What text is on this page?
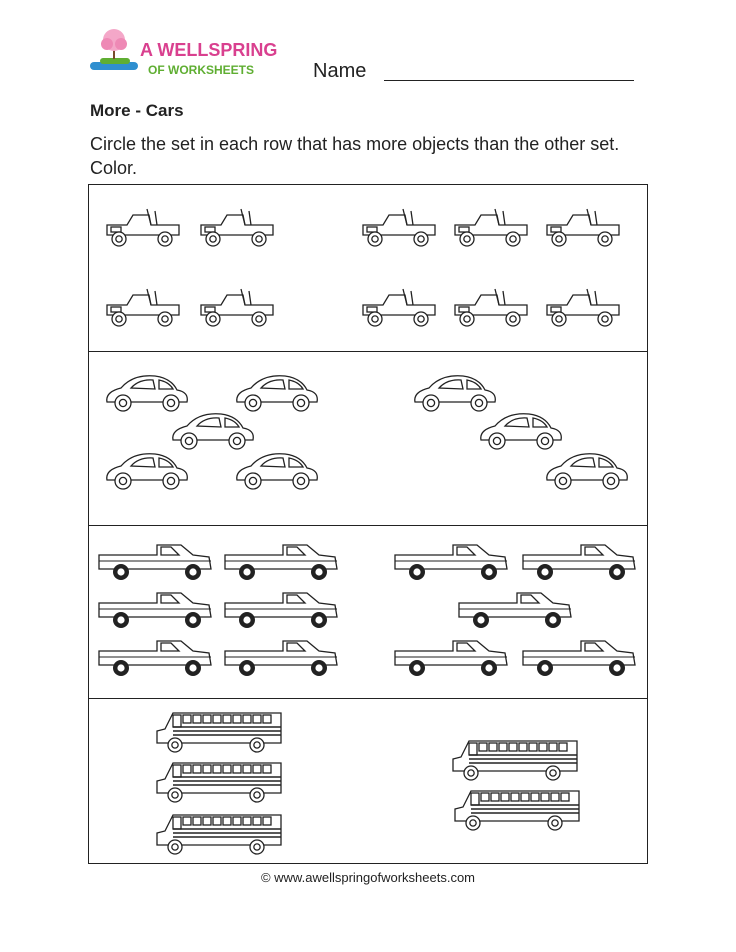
A WELLSPRING
OF WORKSHEETS	Name
More - Cars
Circle the set in each row that has more objects than the other set. Color.
© www.awellspringofworksheets.com
